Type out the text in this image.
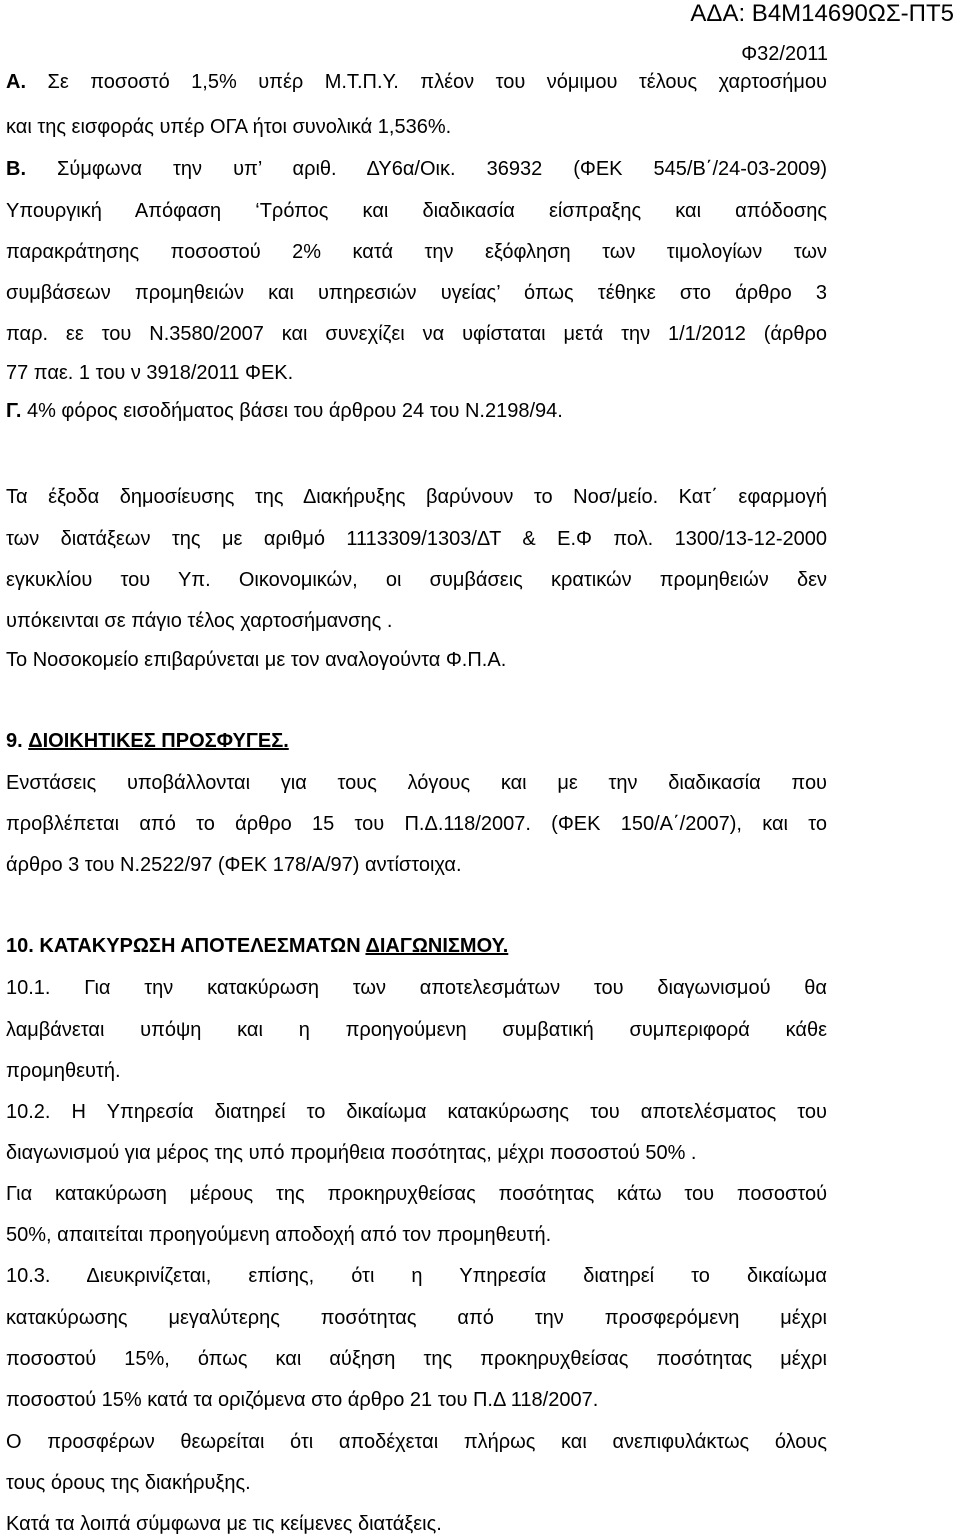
ΑΔΑ: Β4Μ14690ΩΣ-ΠΤ5
Φ32/2011
Α. Σε ποσοστό 1,5% υπέρ Μ.Τ.Π.Υ. πλέον του νόμιμου τέλους χαρτοσήμου
και της εισφοράς υπέρ ΟΓΑ ήτοι συνολικά 1,536%.
Β. Σύμφωνα την υπ’ αριθ. ΔΥ6α/Οικ. 36932 (ΦΕΚ 545/Β΄/24-03-2009)
Υπουργική Απόφαση ‘Τρόπος και διαδικασία είσπραξης και απόδοσης
παρακράτησης ποσοστού 2% κατά την εξόφληση των τιμολογίων των
συμβάσεων προμηθειών και υπηρεσιών υγείας’ όπως τέθηκε στο άρθρο 3
παρ. εε του Ν.3580/2007 και συνεχίζει να υφίσταται μετά την 1/1/2012 (άρθρο
77 παε. 1 του ν 3918/2011 ΦΕΚ.
Γ. 4% φόρος εισοδήματος βάσει του άρθρου 24 του Ν.2198/94.
Τα έξοδα δημοσίευσης της Διακήρυξης βαρύνουν το Νοσ/μείο. Κατ΄ εφαρμογή
των διατάξεων της με αριθμό 1113309/1303/ΔΤ & Ε.Φ πολ. 1300/13-12-2000
εγκυκλίου του Υπ. Οικονομικών, οι συμβάσεις κρατικών προμηθειών δεν
υπόκεινται σε πάγιο τέλος χαρτοσήμανσης .
Το Νοσοκομείο επιβαρύνεται με τον αναλογούντα Φ.Π.Α.
9. ΔΙΟΙΚΗΤΙΚΕΣ ΠΡΟΣΦΥΓΕΣ.
Ενστάσεις υποβάλλονται για τους λόγους και με την διαδικασία που
προβλέπεται από το άρθρο 15 του Π.Δ.118/2007. (ΦΕΚ 150/Α΄/2007), και το
άρθρο 3 του Ν.2522/97 (ΦΕΚ 178/Α/97) αντίστοιχα.
10. ΚΑΤΑΚΥΡΩΣΗ ΑΠΟΤΕΛΕΣΜΑΤΩΝ ΔΙΑΓΩΝΙΣΜΟΥ.
10.1. Για την κατακύρωση των αποτελεσμάτων του διαγωνισμού θα
λαμβάνεται υπόψη και η προηγούμενη συμβατική συμπεριφορά κάθε
προμηθευτή.
10.2. Η Υπηρεσία διατηρεί το δικαίωμα κατακύρωσης του αποτελέσματος του
διαγωνισμού για μέρος της υπό προμήθεια ποσότητας, μέχρι ποσοστού 50% .
Για κατακύρωση μέρους της προκηρυχθείσας ποσότητας κάτω του ποσοστού
50%, απαιτείται προηγούμενη αποδοχή από τον προμηθευτή.
10.3. Διευκρινίζεται, επίσης, ότι η Υπηρεσία διατηρεί το δικαίωμα
κατακύρωσης μεγαλύτερης ποσότητας από την προσφερόμενη μέχρι
ποσοστού 15%, όπως και αύξηση της προκηρυχθείσας ποσότητας μέχρι
ποσοστού 15% κατά τα οριζόμενα στο άρθρο 21 του Π.Δ 118/2007.
Ο προσφέρων θεωρείται ότι αποδέχεται πλήρως και ανεπιφυλάκτως όλους
τους όρους της διακήρυξης.
Κατά τα λοιπά σύμφωνα με τις κείμενες διατάξεις.
